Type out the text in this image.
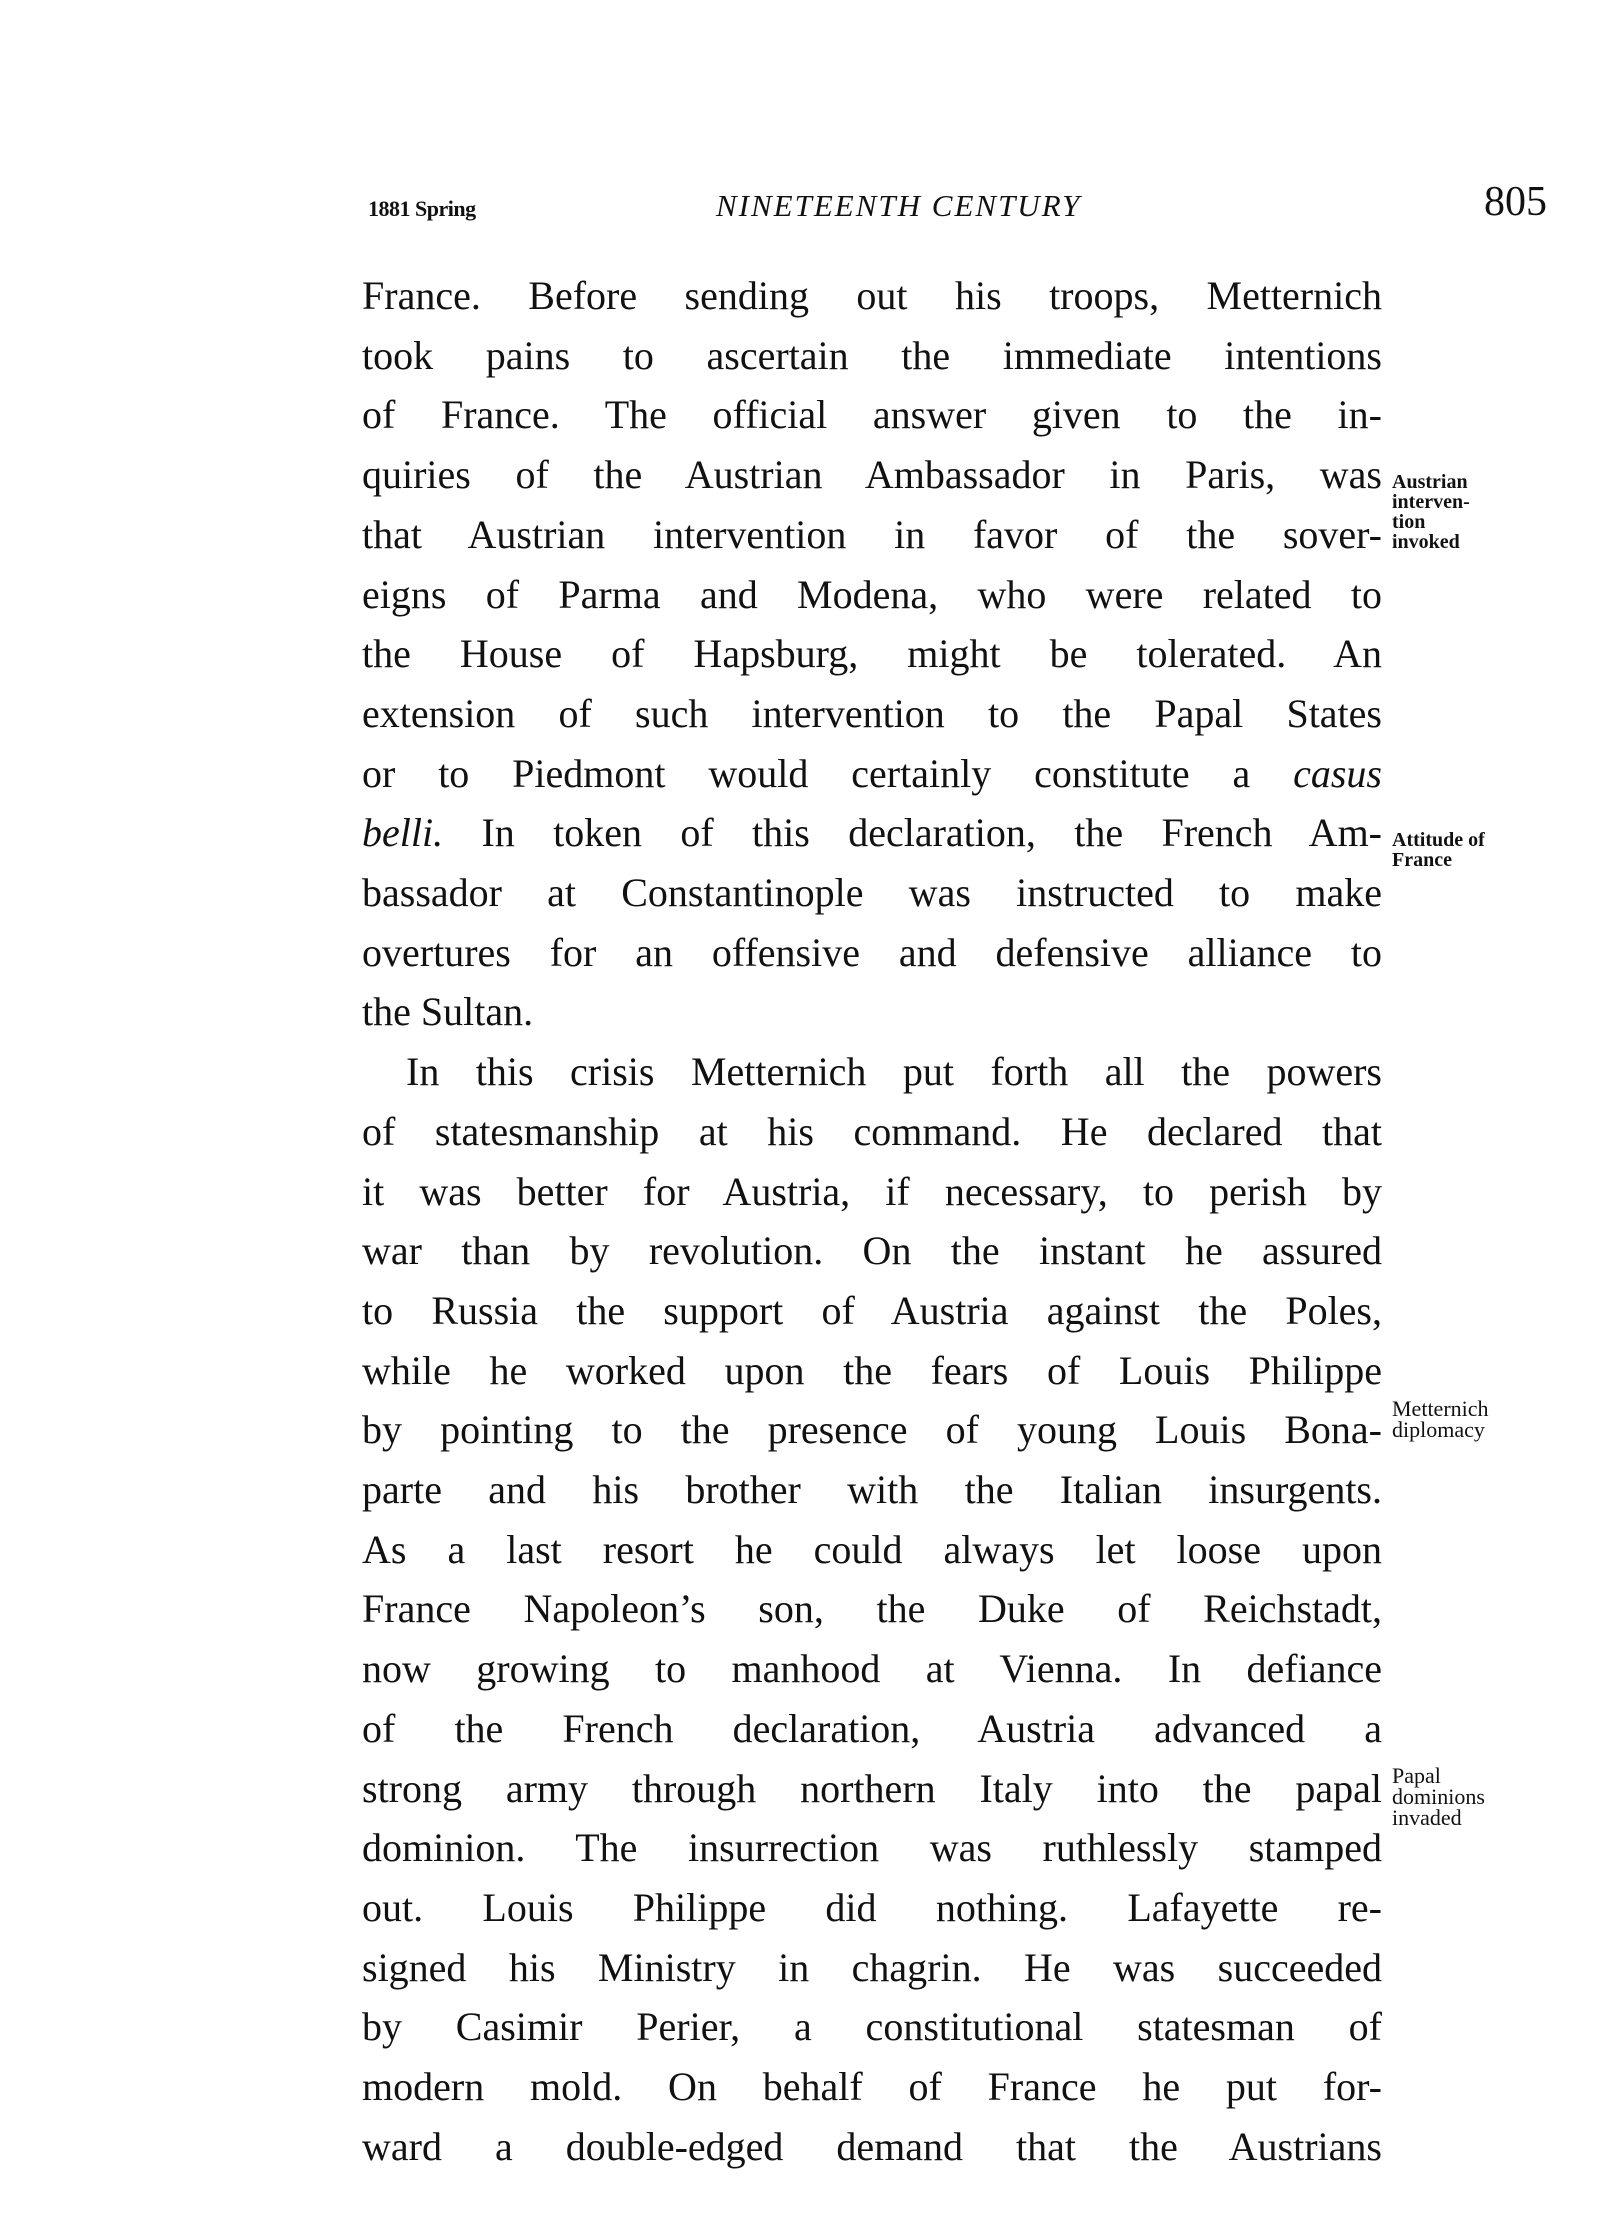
1881 Spring	NINETEENTH CENTURY	805
France. Before sending out his troops, Metternich
took pains to ascertain the immediate intentions
of France. The official answer given to the in-
quiries of the Austrian Ambassador in Paris, was
that Austrian intervention in favor of the sover-
eigns of Parma and Modena, who were related to
the House of Hapsburg, might be tolerated. An
extension of such intervention to the Papal States
or to Piedmont would certainly constitute a casus
belli. In token of this declaration, the French Am-
bassador at Constantinople was instructed to make
overtures for an offensive and defensive alliance to
the Sultan.
In this crisis Metternich put forth all the powers
of statesmanship at his command. He declared that
it was better for Austria, if necessary, to perish by
war than by revolution. On the instant he assured
to Russia the support of Austria against the Poles,
while he worked upon the fears of Louis Philippe
by pointing to the presence of young Louis Bona-
parte and his brother with the Italian insurgents.
As a last resort he could always let loose upon
France Napoleon’s son, the Duke of Reichstadt,
now growing to manhood at Vienna. In defiance
of the French declaration, Austria advanced a
strong army through northern Italy into the papal
dominion. The insurrection was ruthlessly stamped
out. Louis Philippe did nothing. Lafayette re-
signed his Ministry in chagrin. He was succeeded
by Casimir Perier, a constitutional statesman of
modern mold. On behalf of France he put for-
ward a double-edged demand that the Austrians
Austrian
interven-
tion
invoked
Attitude of
France
Metternich
diplomacy
Papal
dominions
invaded
